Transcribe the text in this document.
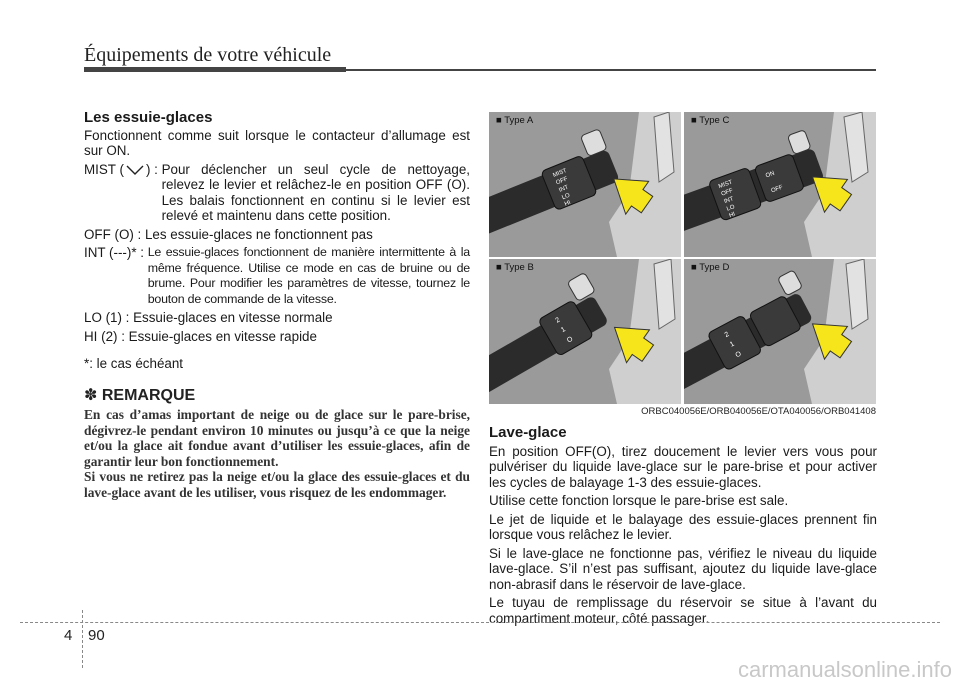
Équipements de votre véhicule
Les essuie-glaces

Fonctionnent comme suit lorsque le contacteur d’allumage est sur ON.

MIST ( ) : Pour déclencher un seul cycle de nettoyage, relevez le levier et relâchez-le en position OFF (O). Les balais fonctionnent en continu si le levier est relevé et maintenu dans cette position.

OFF (O) : Les essuie-glaces ne fonctionnent pas

INT (---)* :
Le essuie-glaces fonctionnent de manière intermittente à la même fréquence. Utilise ce mode en cas de bruine ou de brume. Pour modifier les paramètres de vitesse, tournez le bouton de commande de la vitesse.

LO (1) : Essuie-glaces en vitesse normale

HI (2) : Essuie-glaces en vitesse rapide

*: le cas échéant

✽ REMARQUE

En cas d’amas important de neige ou de glace sur le pare-brise, dégivrez-le pendant environ 10 minutes ou jusqu’à ce que la neige et/ou la glace ait fondue avant d’utiliser les essuie-glaces, afin de garantir leur bon fonctionnement.

Si vous ne retirez pas la neige et/ou la glace des essuie-glaces et du lave-glace avant de les utiliser, vous risquez de les endommager.

MIST
OFF
INT
LO
HI
■ Type A
MIST
OFF
INT
LO
HI
ON
OFF
■ Type C
2
1
O
■ Type B
2
1
O
■ Type D
ORBC040056E/ORB040056E/OTA040056/ORB041408
Lave-glace

En position OFF(O), tirez doucement le levier vers vous pour pulvériser du liquide lave-glace sur le pare-brise et pour activer les cycles de balayage 1-3 des essuie-glaces.

Utilise cette fonction lorsque le pare-brise est sale.

Le jet de liquide et le balayage des essuie-glaces prennent fin lorsque vous relâchez le levier.

Si le lave-glace ne fonctionne pas, vérifiez le niveau du liquide lave-glace. S’il n’est pas suffisant, ajoutez du liquide lave-glace non-abrasif dans le réservoir de lave-glace.

Le tuyau de remplissage du réservoir se situe à l’avant du compartiment moteur, côté passager.

4 90
carmanualsonline.info
